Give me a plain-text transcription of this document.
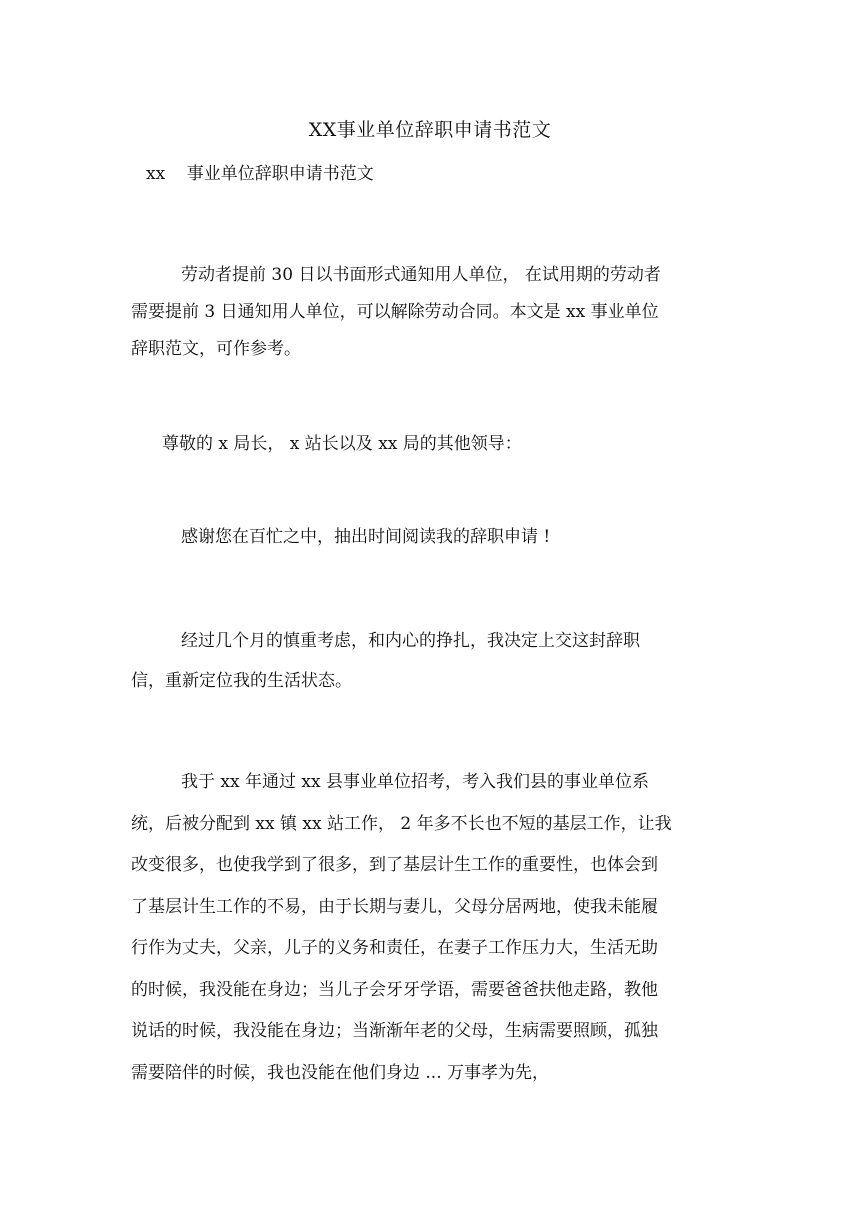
XX事业单位辞职申请书范文
xx    事业单位辞职申请书范文
劳动者提前 30 日以书面形式通知用人单位， 在试用期的劳动者
需要提前 3 日通知用人单位，可以解除劳动合同。本文是 xx 事业单位
辞职范文，可作参考。
尊敬的 x 局长， x 站长以及 xx 局的其他领导：
感谢您在百忙之中，抽出时间阅读我的辞职申请 !
经过几个月的慎重考虑，和内心的挣扎，我决定上交这封辞职
信，重新定位我的生活状态。
我于 xx 年通过 xx 县事业单位招考，考入我们县的事业单位系
统，后被分配到 xx 镇 xx 站工作， 2 年多不长也不短的基层工作，让我
改变很多，也使我学到了很多，到了基层计生工作的重要性，也体会到
了基层计生工作的不易，由于长期与妻儿，父母分居两地，使我未能履
行作为丈夫，父亲，儿子的义务和责任，在妻子工作压力大，生活无助
的时候，我没能在身边；当儿子会牙牙学语，需要爸爸扶他走路，教他
说话的时候，我没能在身边；当渐渐年老的父母，生病需要照顾，孤独
需要陪伴的时候，我也没能在他们身边 ... 万事孝为先，
